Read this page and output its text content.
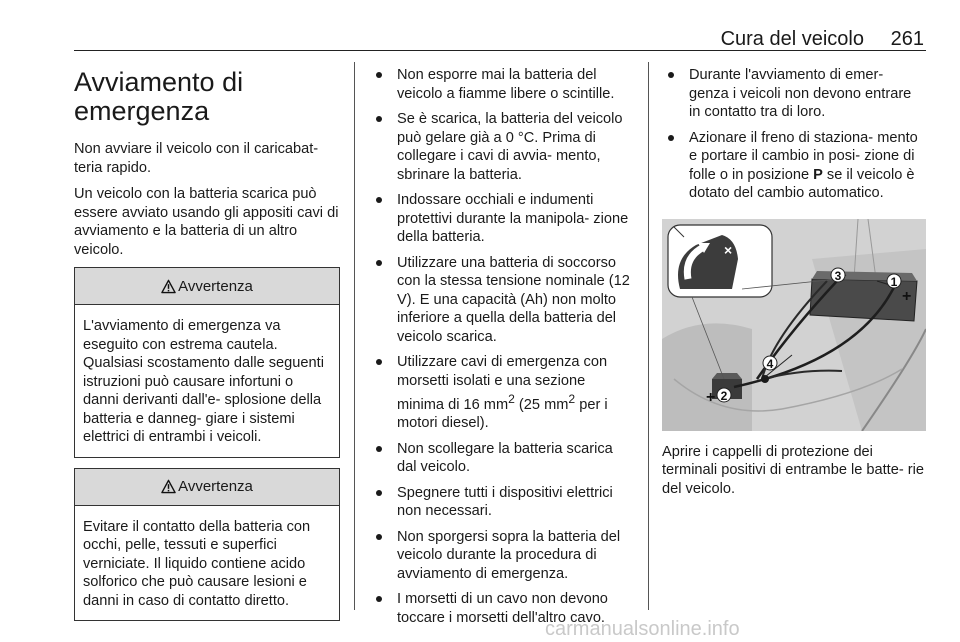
Cura del veicolo 261
Avviamento di emergenza

Non avviare il veicolo con il caricabat- teria rapido.

Un veicolo con la batteria scarica può essere avviato usando gli appositi cavi di avviamento e la batteria di un altro veicolo.

Avvertenza
L'avviamento di emergenza va eseguito con estrema cautela. Qualsiasi scostamento dalle seguenti istruzioni può causare infortuni o danni derivanti dall'e- splosione della batteria e danneg- giare i sistemi elettrici di entrambi i veicoli.
Avvertenza
Evitare il contatto della batteria con occhi, pelle, tessuti e superfici verniciate. Il liquido contiene acido solforico che può causare lesioni e danni in caso di contatto diretto.
Non esporre mai la batteria del veicolo a fiamme libere o scintille.
Se è scarica, la batteria del veicolo può gelare già a 0 °C. Prima di collegare i cavi di avvia- mento, sbrinare la batteria.
Indossare occhiali e indumenti protettivi durante la manipola- zione della batteria.
Utilizzare una batteria di soccorso con la stessa tensione nominale (12 V). E una capacità (Ah) non molto inferiore a quella della batteria del veicolo scarica.
Utilizzare cavi di emergenza con morsetti isolati e una sezione minima di 16 $mm^2$ (25 $mm^2$ per i motori diesel).
Non scollegare la batteria scarica dal veicolo.
Spegnere tutti i dispositivi elettrici non necessari.
Non sporgersi sopra la batteria del veicolo durante la procedura di avviamento di emergenza.
I morsetti di un cavo non devono toccare i morsetti dell'altro cavo.
Durante l'avviamento di emer- genza i veicoli non devono entrare in contatto tra di loro.
Azionare il freno di staziona- mento e portare il cambio in posi- zione di folle o in posizione P se il veicolo è dotato del cambio automatico.
×
3	1
+
4
+ 2

Aprire i cappelli di protezione dei terminali positivi di entrambe le batte- rie del veicolo.

carmanualsonline.info
